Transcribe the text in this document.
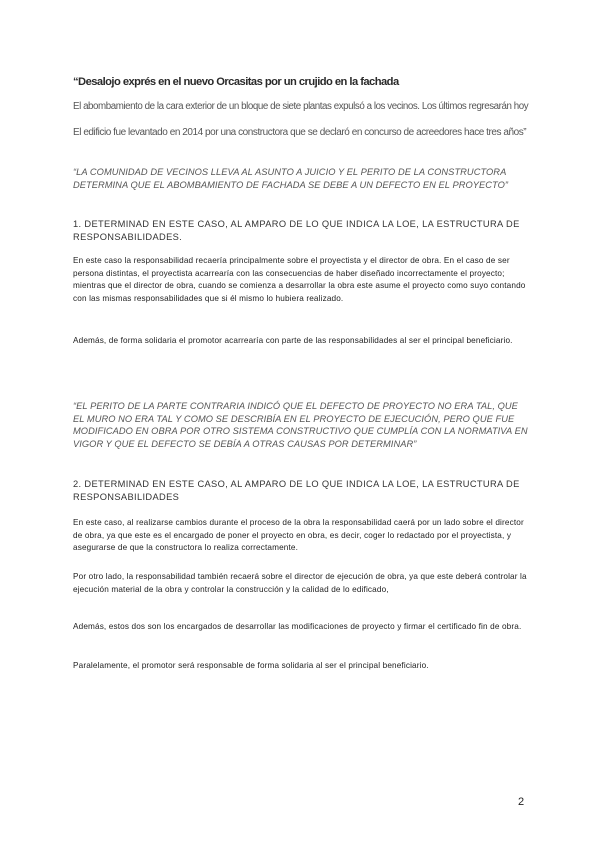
“Desalojo exprés en el nuevo Orcasitas por un crujido en la fachada

El abombamiento de la cara exterior de un bloque de siete plantas expulsó a los vecinos. Los últimos regresarán hoy

El edificio fue levantado en 2014 por una constructora que se declaró en concurso de acreedores hace tres años”

“LA COMUNIDAD DE VECINOS LLEVA AL ASUNTO A JUICIO Y EL PERITO DE LA CONSTRUCTORA DETERMINA QUE EL ABOMBAMIENTO DE FACHADA SE DEBE A UN DEFECTO EN EL PROYECTO”

1. DETERMINAD EN ESTE CASO, AL AMPARO DE LO QUE INDICA LA LOE, LA ESTRUCTURA DE RESPONSABILIDADES.

En este caso la responsabilidad recaería principalmente sobre el proyectista y el director de obra. En el caso de ser persona distintas, el proyectista acarrearía con las consecuencias de haber diseñado incorrectamente el proyecto; mientras que el director de obra, cuando se comienza a desarrollar la obra este asume el proyecto como suyo contando con las mismas responsabilidades que si él mismo lo hubiera realizado.

Además, de forma solidaria el promotor acarrearía con parte de las responsabilidades al ser el principal beneficiario.

“EL PERITO DE LA PARTE CONTRARIA INDICÓ QUE EL DEFECTO DE PROYECTO NO ERA TAL, QUE EL MURO NO ERA TAL Y COMO SE DESCRIBÍA EN EL PROYECTO DE EJECUCIÓN, PERO QUE FUE MODIFICADO EN OBRA POR OTRO SISTEMA CONSTRUCTIVO QUE CUMPLÍA CON LA NORMATIVA EN VIGOR Y QUE EL DEFECTO SE DEBÍA A OTRAS CAUSAS POR DETERMINAR”

2. DETERMINAD EN ESTE CASO, AL AMPARO DE LO QUE INDICA LA LOE, LA ESTRUCTURA DE RESPONSABILIDADES

En este caso, al realizarse cambios durante el proceso de la obra la responsabilidad caerá por un lado sobre el director de obra, ya que este es el encargado de poner el proyecto en obra, es decir, coger lo redactado por el proyectista, y asegurarse de que la constructora lo realiza correctamente.

Por otro lado, la responsabilidad también recaerá sobre el director de ejecución de obra, ya que este deberá controlar la ejecución material de la obra y controlar la construcción y la calidad de lo edificado,

Además, estos dos son los encargados de desarrollar las modificaciones de proyecto y firmar el certificado fin de obra.

Paralelamente, el promotor será responsable de forma solidaria al ser el principal beneficiario.

2
